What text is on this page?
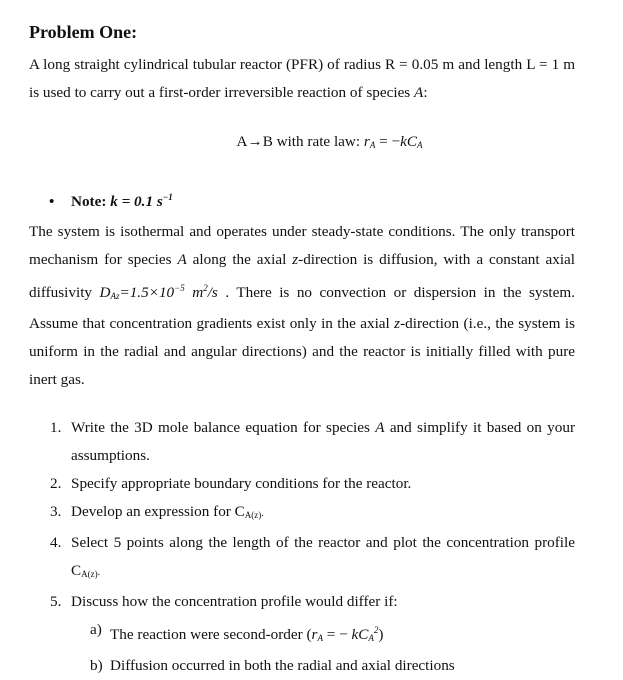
Problem One:

A long straight cylindrical tubular reactor (PFR) of radius R = 0.05 m and length L = 1 m is used to carry out a first-order irreversible reaction of species A:

A→B with rate law: rA = −kCA
• Note: k = 0.1 $s^{-1}$

The system is isothermal and operates under steady-state conditions. The only transport mechanism for species A along the axial z-direction is diffusion, with a constant axial diffusivity $DAz=1.5\times 10^{-5}$ $m^2/s$ . There is no convection or dispersion in the system. Assume that concentration gradients exist only in the axial z-direction (i.e., the system is uniform in the radial and angular directions) and the reactor is initially filled with pure inert gas.

1. Write the 3D mole balance equation for species A and simplify it based on your assumptions.
2. Specify appropriate boundary conditions for the reactor.
3. Develop an expression for CA(z).
4. Select 5 points along the length of the reactor and plot the concentration profile CA(z).
5. Discuss how the concentration profile would differ if:
a) The reaction were second-order (rA = − kCA$^2$)
b) Diffusion occurred in both the radial and axial directions
